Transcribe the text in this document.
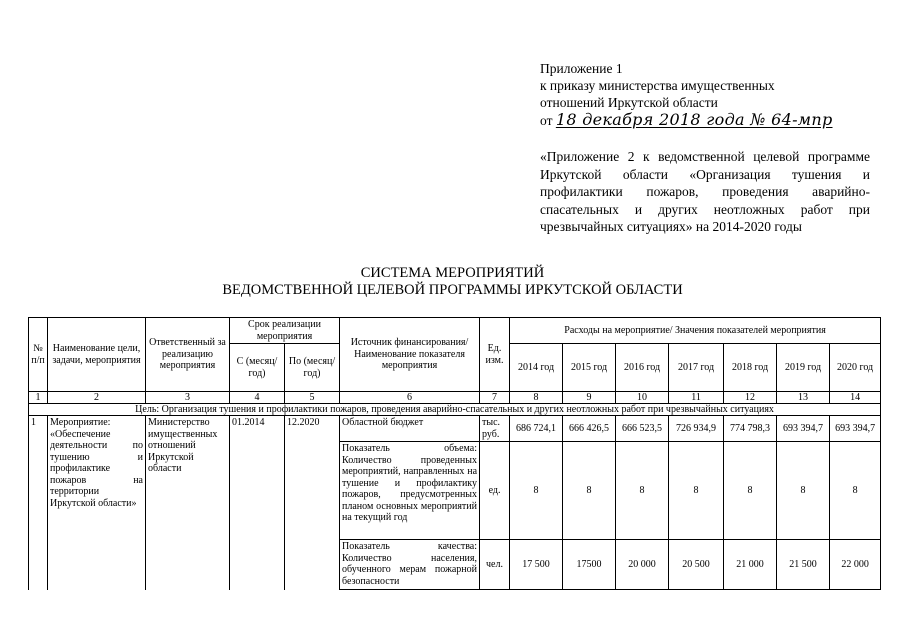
Приложение 1
к приказу министерства имущественных
отношений Иркутской области
от 18 декабря 2018 года № 64-мпр
«Приложение 2 к ведомственной целевой программе Иркутской области «Организация тушения и профилактики пожаров, проведения аварийно-спасательных и других неотложных работ при чрезвычайных ситуациях» на 2014-2020 годы
СИСТЕМА МЕРОПРИЯТИЙ
ВЕДОМСТВЕННОЙ ЦЕЛЕВОЙ ПРОГРАММЫ ИРКУТСКОЙ ОБЛАСТИ
№ п/п	Наименование цели, задачи, мероприятия	Ответственный за реализацию мероприятия	Срок реализации мероприятия		Источник финансирования/ Наименование показателя мероприятия	Ед. изм.	Расходы на мероприятие/ Значения показателей мероприятия						
			С (месяц/ год)	По (месяц/ год)			2014 год	2015 год	2016 год	2017 год	2018 год	2019 год	2020 год

1	2	3	4	5	6	7	8	9	10	11	12	13	14
Цель: Организация тушения и профилактики пожаров, проведения аварийно-спасательных и других неотложных работ при чрезвычайных ситуациях													
1	Мероприятие: «Обеспечение деятельности по тушению и профилактике пожаров на территории Иркутской области»	Министерство имущественных отношений Иркутской области	01.2014	12.2020	Областной бюджет	тыс. руб.	686 724,1	666 426,5	666 523,5	726 934,9	774 798,3	693 394,7	693 394,7
					Показатель объема: Количество проведенных мероприятий, направленных на тушение и профилактику пожаров, предусмотренных планом основных мероприятий на текущий год	ед.	8	8	8	8	8	8	8
					Показатель качества: Количество населения, обученного мерам пожарной безопасности	чел.	17 500	17500	20 000	20 500	21 000	21 500	22 000
